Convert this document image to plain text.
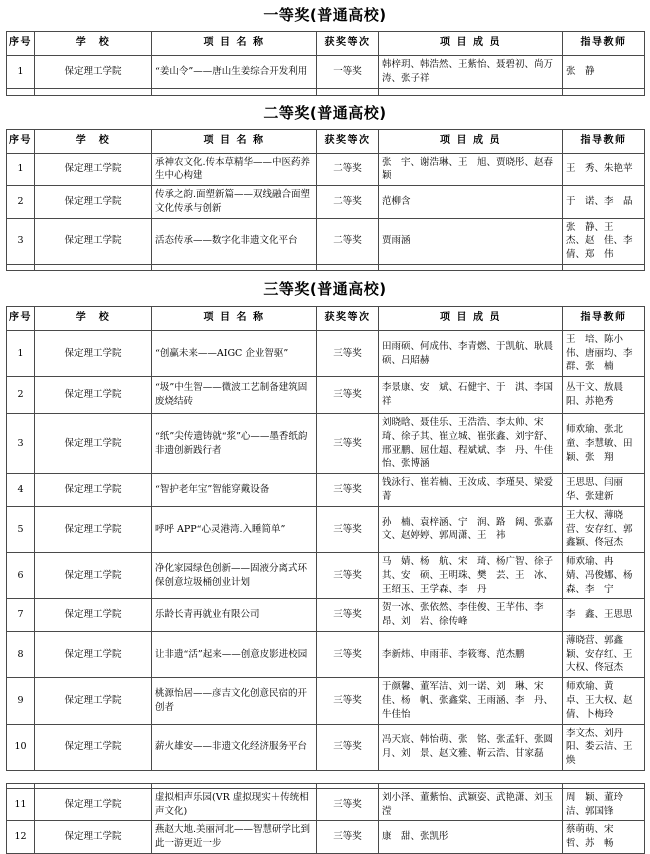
一等奖(普通高校)
序号	学　校	项 目 名 称	获奖等次	项 目 成 员	指导教师
1	保定理工学院	“姜山令”——唐山生姜综合开发利用	一等奖	韩梓玥、韩浩然、王紫怡、聂碧初、尚万涛、张子祥	张　静

二等奖(普通高校)
序号	学　校	项 目 名 称	获奖等次	项 目 成 员	指导教师
1	保定理工学院	承神农文化.传本草精华——中医药养生中心构建	二等奖	张　宇、谢浩琳、王　旭、贾晓彤、赵春颖	王　秀、朱艳苹
2	保定理工学院	传承之韵.面塑新篇——双线融合面塑文化传承与创新	二等奖	范柳含	于　诺、李　晶
3	保定理工学院	活态传承——数字化非遗文化平台	二等奖	贾雨涵	张　静、王　杰、赵　佳、李　倩、郑　伟

三等奖(普通高校)
序号	学　校	项 目 名 称	获奖等次	项 目 成 员	指导教师
1	保定理工学院	“创赢未来——AIGC 企业智驱”	三等奖	田雨硕、何成伟、李青燃、于凯航、耿晨硕、吕ְ昭赫	王　培、陈小伟、唐丽均、李　群、张　楠
2	保定理工学院	“圾”中生智——微波工艺制备建筑固废烧结砖	三等奖	李景康、安　斌、石健宇、于　淇、李国祥	丛干文、敖晨阳、苏艳秀
3	保定理工学院	“纸”尖传遗铸就“浆”心——墨香纸韵非遗创新践行者	三等奖	刘晓晗、聂佳乐、王浩浩、李太帅、宋　琦、徐子其、崔立城、崔张鑫、刘宇舒、邢亚鹏、屈仕超、程斌斌、李　丹、牛佳怡、张博涵	师欢瑜、张北童、李慧敏、田　颖、张　翔
4	保定理工学院	“智护老年宝”智能穿戴设备	三等奖	钱泳行、崔若楠、王汝成、李瑾昊、梁爱菁	王思思、闫丽华、张建新
5	保定理工学院	呼呼 APP“心灵港湾.入睡简单”	三等奖	孙　楠、袁梓涵、宁　润、路　阔、张嘉文、赵婷婷、郭周潇、王　祎	王大权、薄晓营、安存红、郭鑫颖、佟冠杰
6	保定理工学院	净化家园绿色创新——固液分离式环保创意垃圾桶创业计划	三等奖	马　婧、杨　航、宋　琦、杨广智、徐子其、安　硕、王明珠、樊　芸、王　冰、王绍玉、王学森、李　丹	师欢瑜、冉　婧、冯俊娜、杨　森、李　宁
7	保定理工学院	乐龄长青再就业有限公司	三等奖	贺一冰、张依然、李佳俊、王芊伟、李　昂、刘　岩、徐传峰	李　鑫、王思思
8	保定理工学院	让非遗“活”起来——创意皮影进校园	三等奖	李新炜、申雨菲、李筱骞、范杰鹏	薄晓营、郭鑫颖、安存红、王大权、佟冠杰
9	保定理工学院	桃源怡居——彦吉文化创意民宿的开创者	三等奖	于颜馨、董军洁、刘一诺、刘　琳、宋　佳、杨　帆、张鑫棠、王雨涵、李　丹、牛佳怡	师欢瑜、黄　卓、王大权、赵　倩、卜梅玲
10	保定理工学院	薪火雄安——非遗文化经济服务平台	三等奖	冯天宸、韩怡萌、张　铭、张孟轩、张圆月、刘　景、赵文雅、靳云浩、甘家磊	李文杰、刘丹阳、娄云洁、王　焕

11	保定理工学院	虚拟相声乐园(VR 虚拟现实＋传统相声文化)	三等奖	刘小泽、董紫怡、武颖姿、武艳潇、刘玉滢	周　颖、董玲洁、郭国锋
12	保定理工学院	燕赵大地.美丽河北——智慧研学比到此一游更近一步	三等奖	康　甜、张凯彤	蔡萌萌、宋　哲、苏　畅
